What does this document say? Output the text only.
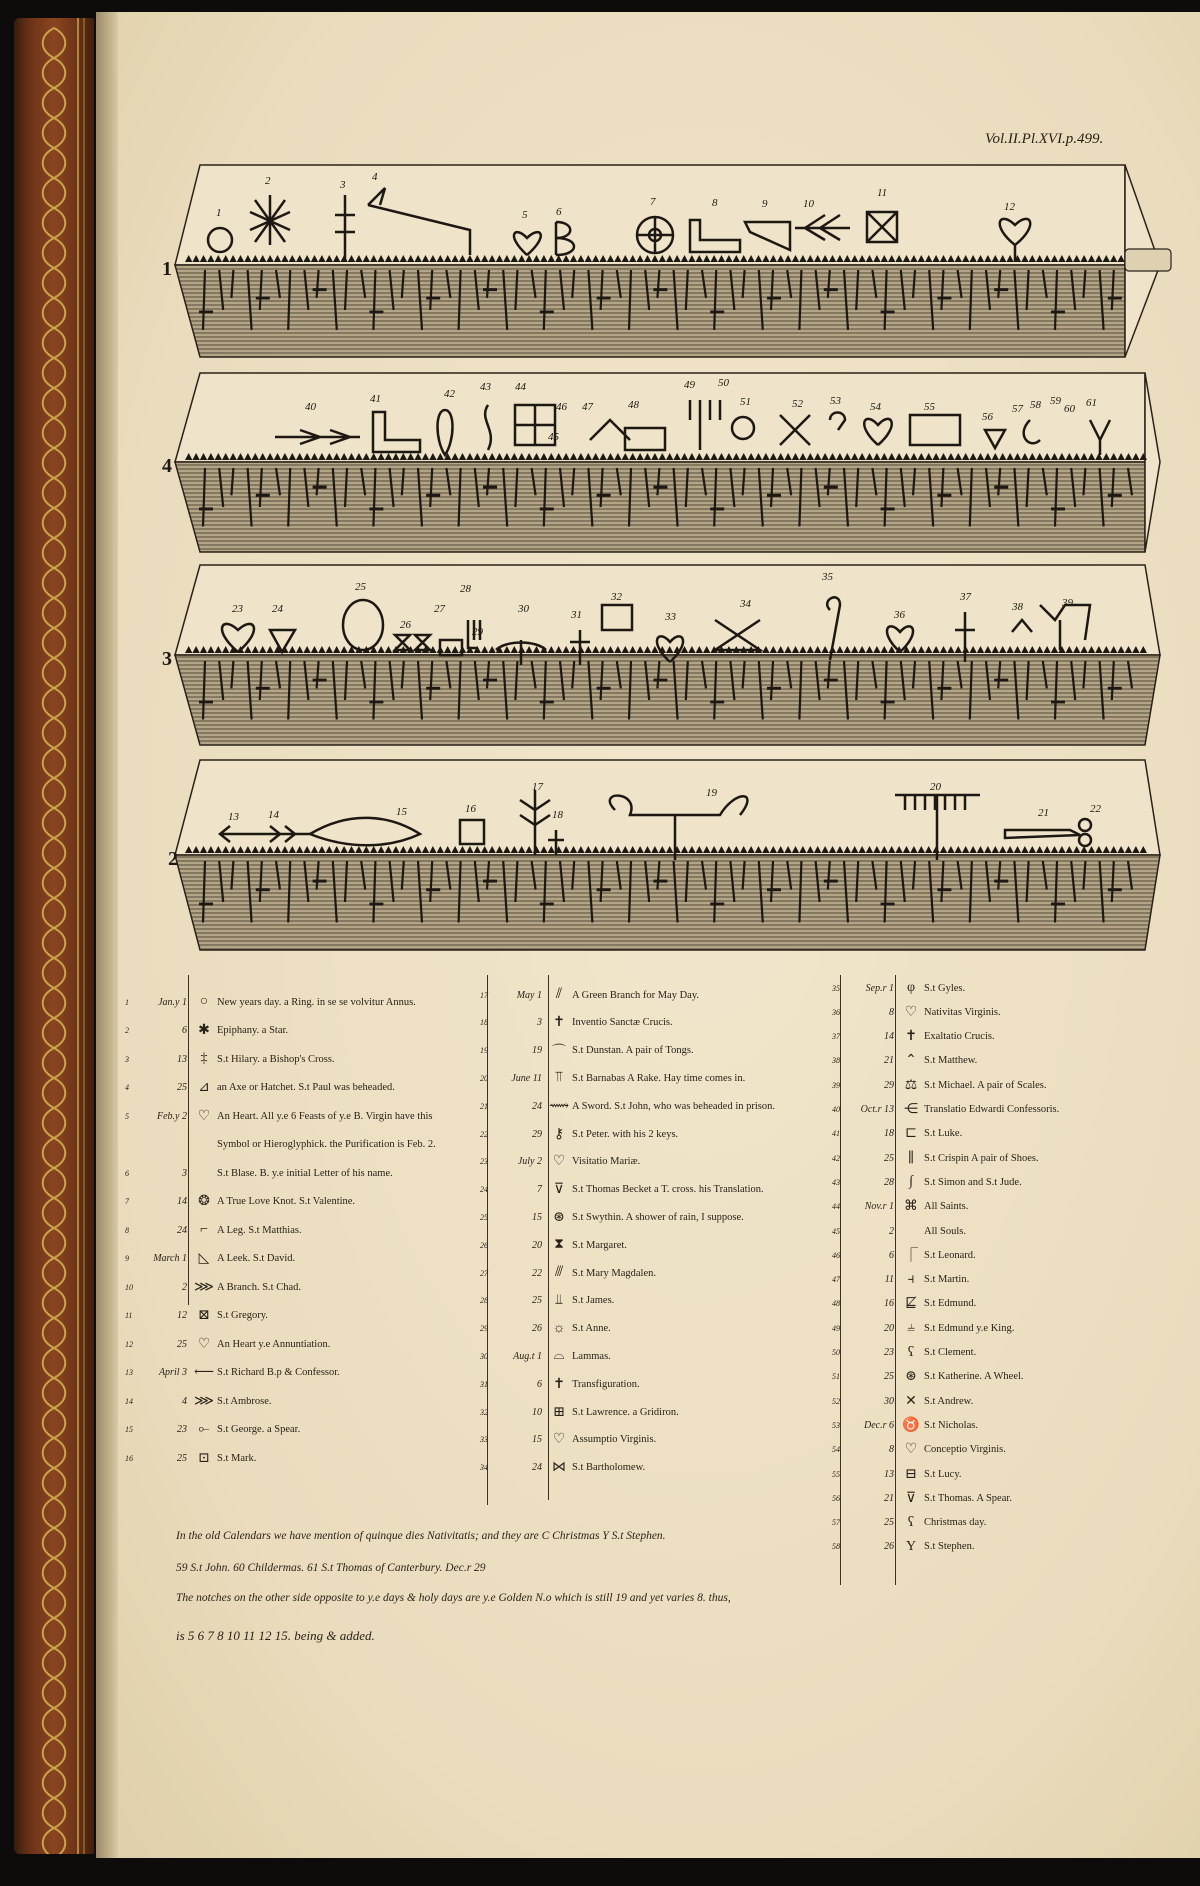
Vol.II.Pl.XVI.p.499.
1
4
3
2
1
2	3
4
5	6
7	8	9	10
11
12
40
41	42
43 44
45
46 47	48
49 50
51	52 53	54	55
56
57 58 59
60 61
23	24
25
26
27
28
29
30	31
32
33
34
35
36
37
38	39
13	14	15	16
17
18
19	20
21	22
1	Jan.y 1 ○ New years day. a Ring. in se se volvitur Annus.
2	6 ✱ Epiphany. a Star.
3	13 ‡ S.t Hilary. a Bishop's Cross.
4	25 ⊿ an Axe or Hatchet. S.t Paul was beheaded.
5	Feb.y 2 ♡ An Heart. All y.e 6 Feasts of y.e B. Virgin have this
Symbol or Hieroglyphick. the Purification is Feb. 2.
6	3	S.t Blase. B. y.e initial Letter of his name.
7	14 ❂ A True Love Knot. S.t Valentine.
8	24 ⌐ A Leg. S.t Matthias.
9	March 1 ◺ A Leek. S.t David.
10	2 ⋙ A Branch. S.t Chad.
11	12 ⊠ S.t Gregory.
12	25 ♡ An Heart y.e Annuntiation.
13	April 3 ⟵ S.t Richard B.p & Confessor.
14	4 ⋙ S.t Ambrose.
15	23 ⟜ S.t George. a Spear.
16	25 ⊡ S.t Mark.
17	May 1 ⫽ A Green Branch for May Day.
18	3 ✝ Inventio Sanctæ Crucis.
19	19 ⌒ S.t Dunstan. A pair of Tongs.
20	June 11 ⫪ S.t Barnabas A Rake. Hay time comes in.
21	24 ⟿ A Sword. S.t John, who was beheaded in prison.
22	29 ⚷ S.t Peter. with his 2 keys.
23	July 2 ♡ Visitatio Mariæ.
24	7 ⊽ S.t Thomas Becket a T. cross. his Translation.
25	15 ⊛ S.t Swythin. A shower of rain, I suppose.
26	20 ⧗ S.t Margaret.
27	22 ⫻ S.t Mary Magdalen.
28	25 ⫫ S.t James.
29	26 ☼ S.t Anne.
30	Aug.t 1 ⌓ Lammas.
31	6 ✝ Transfiguration.
32	10 ⊞ S.t Lawrence. a Gridiron.
33	15 ♡ Assumptio Virginis.
34	24 ⋈ S.t Bartholomew.
35	Sep.r 1 φ S.t Gyles.
36	8 ♡ Nativitas Virginis.
37	14 ✝ Exaltatio Crucis.
38	21 ⌃ S.t Matthew.
39	29 ⚖ S.t Michael. A pair of Scales.
40	Oct.r 13 ⋲ Translatio Edwardi Confessoris.
41	18 ⊏ S.t Luke.
42	25 ∥ S.t Crispin A pair of Shoes.
43	28	∫	S.t Simon and S.t Jude.
44	Nov.r 1 ⌘ All Saints.
45	2	All Souls.
46	6 ⎾ S.t Leonard.
47	11 ⫞ S.t Martin.
48	16 ⋢ S.t Edmund.
49	20 ⫨ S.t Edmund y.e King.
50	23 ʕ S.t Clement.
51	25 ⊛ S.t Katherine. A Wheel.
52	30 ✕ S.t Andrew.
53	Dec.r 6 ♉ S.t Nicholas.
54	8 ♡ Conceptio Virginis.
55	13 ⊟ S.t Lucy.
56	21 ⊽ S.t Thomas. A Spear.
57	25 ʕ Christmas day.
58	26 Y S.t Stephen.
In the old Calendars we have mention of quinque dies Nativitatis; and they are C Christmas Y S.t Stephen.
59 S.t John. 60 Childermas. 61 S.t Thomas of Canterbury. Dec.r 29
The notches on the other side opposite to y.e days & holy days are y.e Golden N.o which is still 19 and yet varies 8. thus,
is 5 6 7 8 10 11 12 15. being & added.
